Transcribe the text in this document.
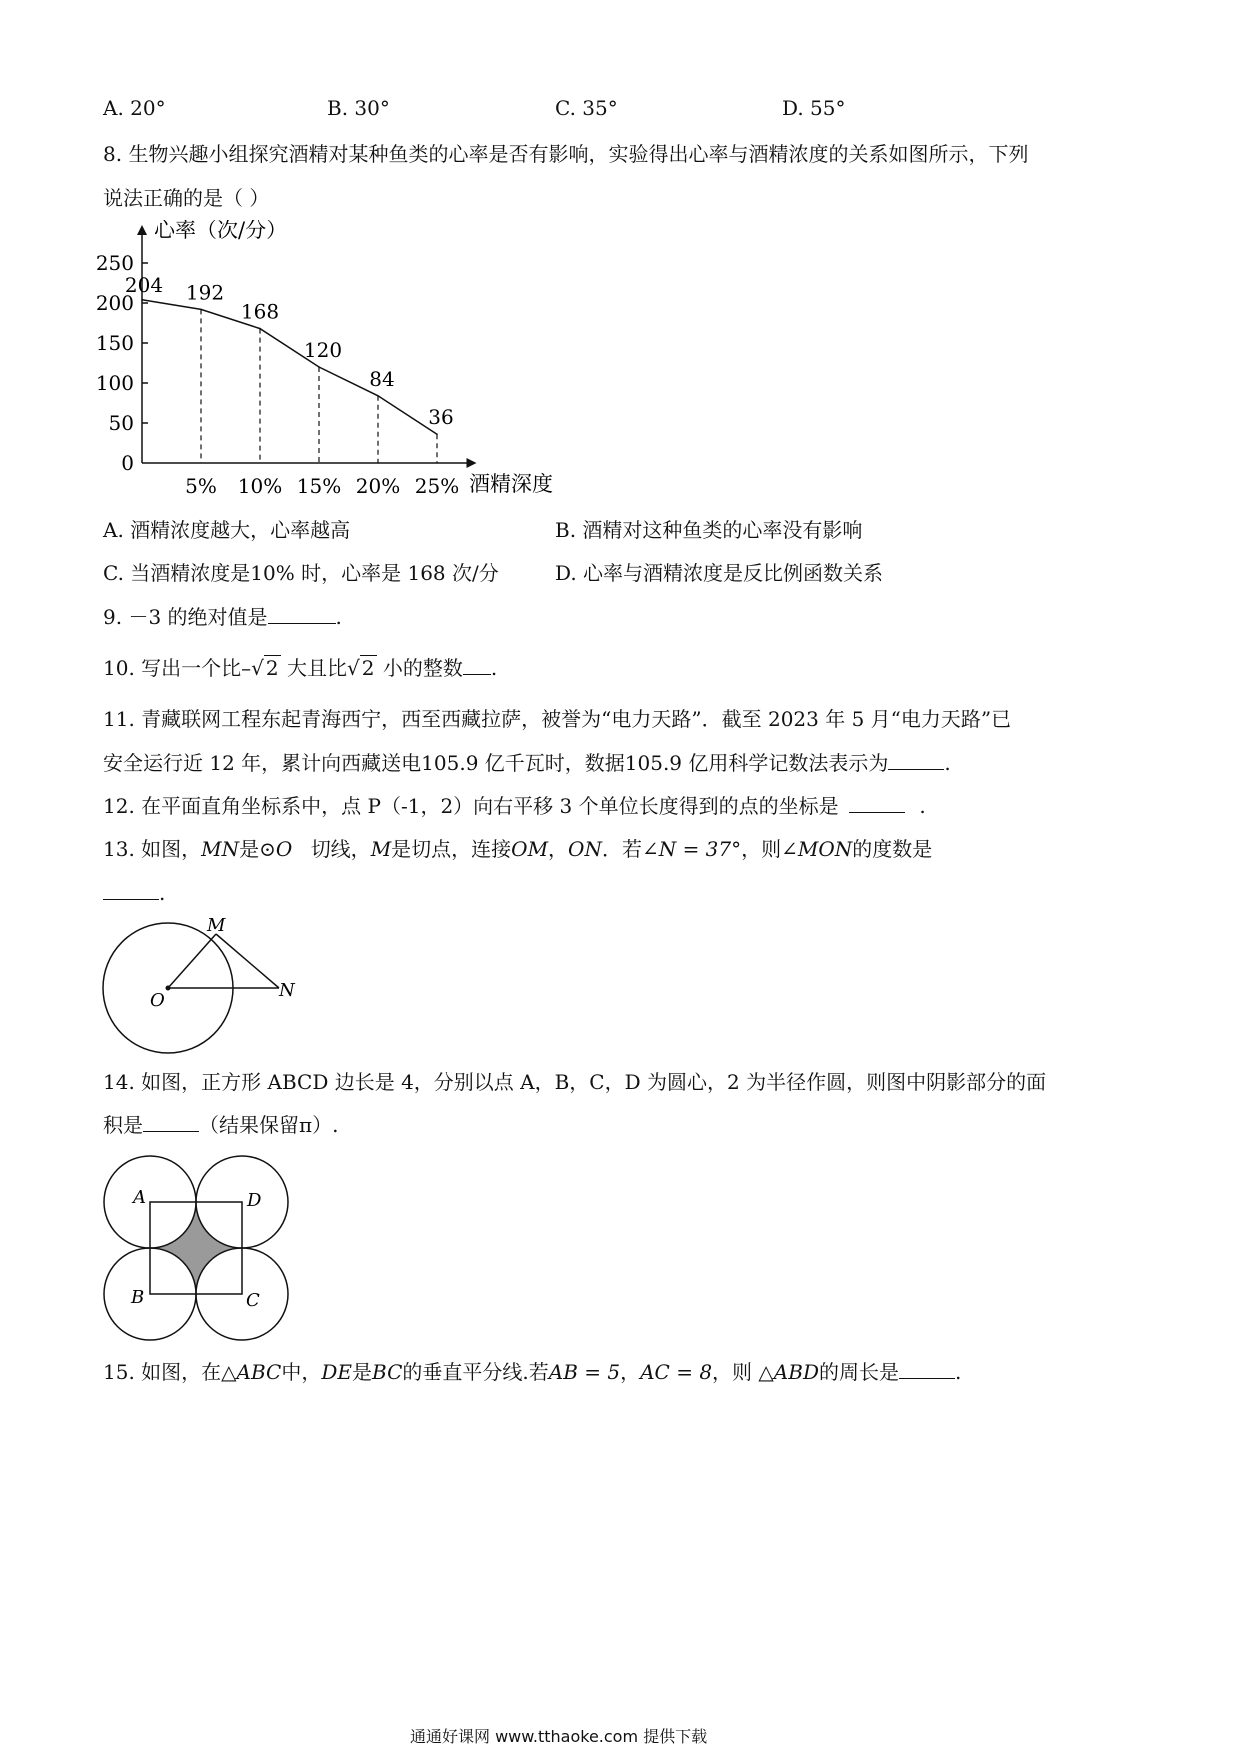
A. 20°	B. 30°	C. 35°	D. 55°
8. 生物兴趣小组探究酒精对某种鱼类的心率是否有影响，实验得出心率与酒精浓度的关系如图所示，下列
说法正确的是（ ）
心率（次/分）
酒精深度
0
50
100
150
200
250
5% 10% 15% 20% 25%
204 192
168
120
84
36
A. 酒精浓度越大，心率越高	B. 酒精对这种鱼类的心率没有影响
C. 当酒精浓度是10% 时，心率是 168 次/分	D. 心率与酒精浓度是反比例函数关系
9. －3 的绝对值是	.
10. 写出一个比–√ 2 大且比√ 2 小的整数 .
11. 青藏联网工程东起青海西宁，西至西藏拉萨，被誉为“电力天路”．截至 2023 年 5 月“电力天路”已
安全运行近 12 年，累计向西藏送电105.9 亿千瓦时，数据105.9 亿用科学记数法表示为	.
12. 在平面直角坐标系中，点 P（-1，2）向右平移 3 个单位长度得到的点的坐标是	.
13. 如图，MN是⊙O 切线，M是切点，连接OM，ON．若∠N = 37°，则∠MON的度数是
.
M
N
O
14. 如图，正方形 ABCD 边长是 4，分别以点 A，B，C，D 为圆心，2 为半径作圆，则图中阴影部分的面
积是	（结果保留π）.
A	D
B	C
15. 如图，在△ABC中，DE是BC的垂直平分线.若AB = 5，AC = 8，则 △ABD的周长是	.
通通好课网 www.tthaoke.com 提供下载
